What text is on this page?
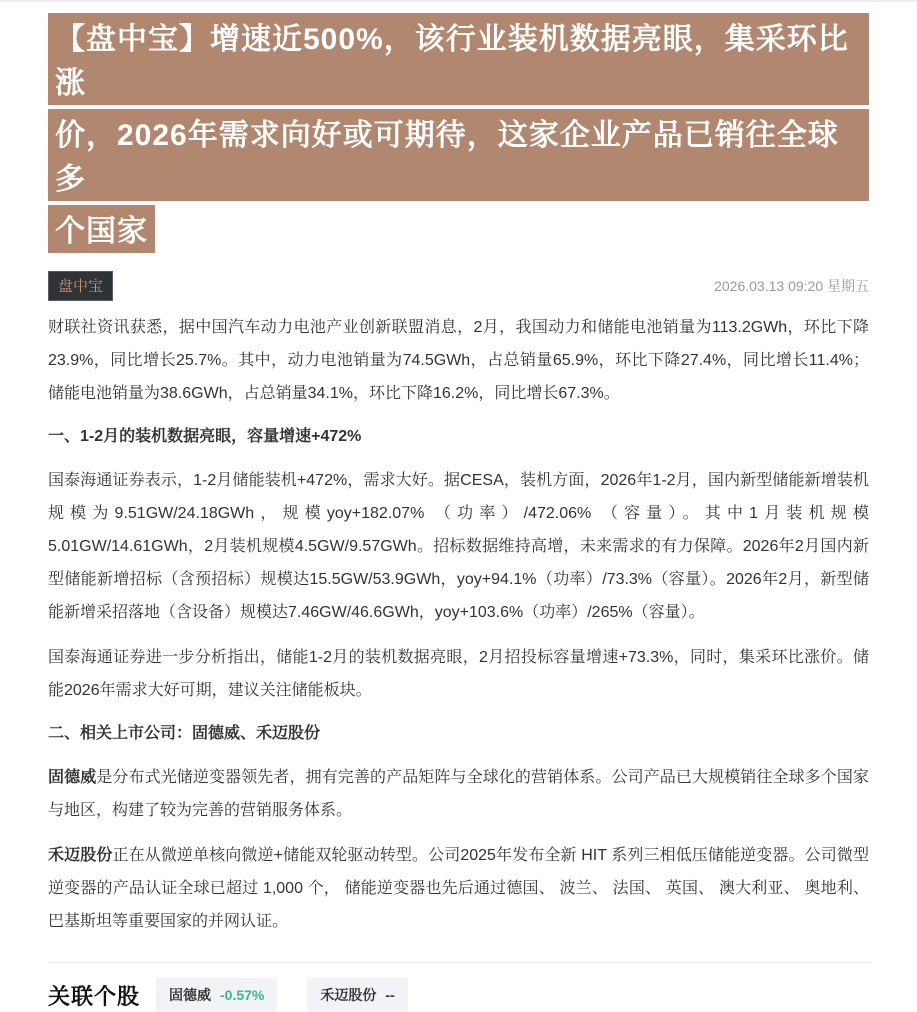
【盘中宝】增速近500%，该行业装机数据亮眼，集采环比涨
价，2026年需求向好或可期待，这家企业产品已销往全球多
个国家
盘中宝	2026.03.13 09:20 星期五

财联社资讯获悉，据中国汽车动力电池产业创新联盟消息，2月，我国动力和储能电池销量为113.2GWh，环比下降23.9%，同比增长25.7%。其中，动力电池销量为74.5GWh，占总销量65.9%，环比下降27.4%，同比增长11.4%；储能电池销量为38.6GWh，占总销量34.1%，环比下降16.2%，同比增长67.3%。

一、1-2月的装机数据亮眼，容量增速+472%

国泰海通证券表示，1-2月储能装机+472%，需求大好。据CESA，装机方面，2026年1-2月，国内新型储能新增装机规模为9.51GW/24.18GWh，规模yoy+182.07% （功率）/472.06% （容量）。其中1月装机规模5.01GW/14.61GWh，2月装机规模4.5GW/9.57GWh。招标数据维持高增，未来需求的有力保障。2026年2月国内新型储能新增招标（含预招标）规模达15.5GW/53.9GWh，yoy+94.1%（功率）/73.3%（容量）。2026年2月，新型储能新增采招落地（含设备）规模达7.46GW/46.6GWh，yoy+103.6%（功率）/265%（容量）。

国泰海通证券进一步分析指出，储能1-2月的装机数据亮眼，2月招投标容量增速+73.3%，同时，集采环比涨价。储能2026年需求大好可期，建议关注储能板块。

二、相关上市公司：固德威、禾迈股份

固德威是分布式光储逆变器领先者，拥有完善的产品矩阵与全球化的营销体系。公司产品已大规模销往全球多个国家与地区，构建了较为完善的营销服务体系。

禾迈股份正在从微逆单核向微逆+储能双轮驱动转型。公司2025年发布全新 HIT 系列三相低压储能逆变器。公司微型逆变器的产品认证全球已超过 1,000 个， 储能逆变器也先后通过德国、 波兰、 法国、 英国、 澳大利亚、 奥地利、 巴基斯坦等重要国家的并网认证。

关联个股 固德威 -0.57%	禾迈股份 --
